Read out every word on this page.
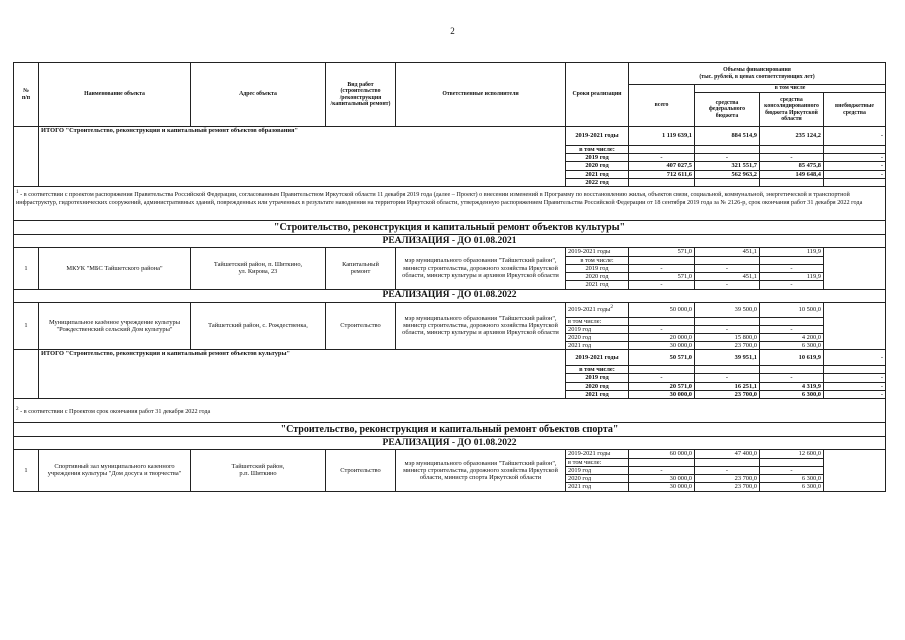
2
№
п/п	Наименование объекта	Адрес объекта	Вид работ
(строительство
/реконструкция
/капитальный ремонт)	Ответственные исполнители	Сроки реализации	Объемы финансирования
(тыс. рублей, в ценах соответствующих лет)			
						всего	в том числе		
							средства
федерального
бюджета	средства
консолидированного
бюджета Иркутской
области	внебюджетные
средства
	ИТОГО "Строительство, реконструкция и капитальный ремонт объектов образования"				2019-2021 годы	1 119 639,1	884 514,9	235 124,2	-
					в том числе:				
					2019 год	-	-	-	-
					2020 год	407 027,5	321 551,7	85 475,8	-
					2021 год	712 611,6	562 963,2	149 648,4	-
					2022 год				
$^1$ - в соответствии с проектом распоряжения Правительства Российской Федерации, согласованным Правительством Иркутской области 11 декабря 2019 года (далее – Проект) о внесении изменений в Программу по восстановлению жилья, объектов связи, социальной, коммунальной, энергетической и транспортной инфраструктур, гидротехнических сооружений, административных зданий, поврежденных или утраченных в результате наводнения на территории Иркутской области, утвержденную распоряжением Правительства Российской Федерации от 18 сентября 2019 года за № 2126-р, срок окончания работ 31 декабря 2022 года									
"Строительство, реконструкция и капитальный ремонт объектов культуры"									
РЕАЛИЗАЦИЯ - ДО 01.08.2021									
1	МКУК "МБС Тайшетского района"	Тайшетский район, п. Шиткино,
ул. Кирова, 23	Капитальный
ремонт	мэр муниципального образования "Тайшетский район", министр строительства, дорожного хозяйства Иркутской области, министр культуры и архивов Иркутской области	2019-2021 годы	571,0	451,1	119,9	
					в том числе:				
					2019 год	-	-	-	
					2020 год	571,0	451,1	119,9	
					2021 год	-	-	-	
РЕАЛИЗАЦИЯ - ДО 01.08.2022									
1	Муниципальное казённое учреждение культуры "Рождественский сельский Дом культуры"	Тайшетский район, с. Рождественка,	Строительство	мэр муниципального образования "Тайшетский район", министр строительства, дорожного хозяйства Иркутской области, министр культуры и архивов Иркутской области	2019-2021 годы$^2$	50 000,0	39 500,0	10 500,0	
					в том числе:				
					2019 год	-	-	-	
					2020 год	20 000,0	15 800,0	4 200,0	
					2021 год	30 000,0	23 700,0	6 300,0	
	ИТОГО "Строительство, реконструкция и капитальный ремонт объектов культуры"				2019-2021 годы	50 571,0	39 951,1	10 619,9	-
					в том числе:				
					2019 год	-	-	-	-
					2020 год	20 571,0	16 251,1	4 319,9	-
					2021 год	30 000,0	23 700,0	6 300,0	-
$^2$ - в соответствии с Проектом срок окончания работ 31 декабря 2022 года									
"Строительство, реконструкция и капитальный ремонт объектов спорта"									
РЕАЛИЗАЦИЯ - ДО 01.08.2022									
1	Спортивный зал муниципального казенного учреждения культуры "Дом досуга и творчества"	Тайшетский район,
р.п. Шиткино	Строительство	мэр муниципального образования "Тайшетский район", министр строительства, дорожного хозяйства Иркутской области, министр спорта Иркутской области	2019-2021 годы	60 000,0	47 400,0	12 600,0	
					в том числе:				
					2019 год	-	-	-	
					2020 год	30 000,0	23 700,0	6 300,0	
					2021 год	30 000,0	23 700,0	6 300,0	
